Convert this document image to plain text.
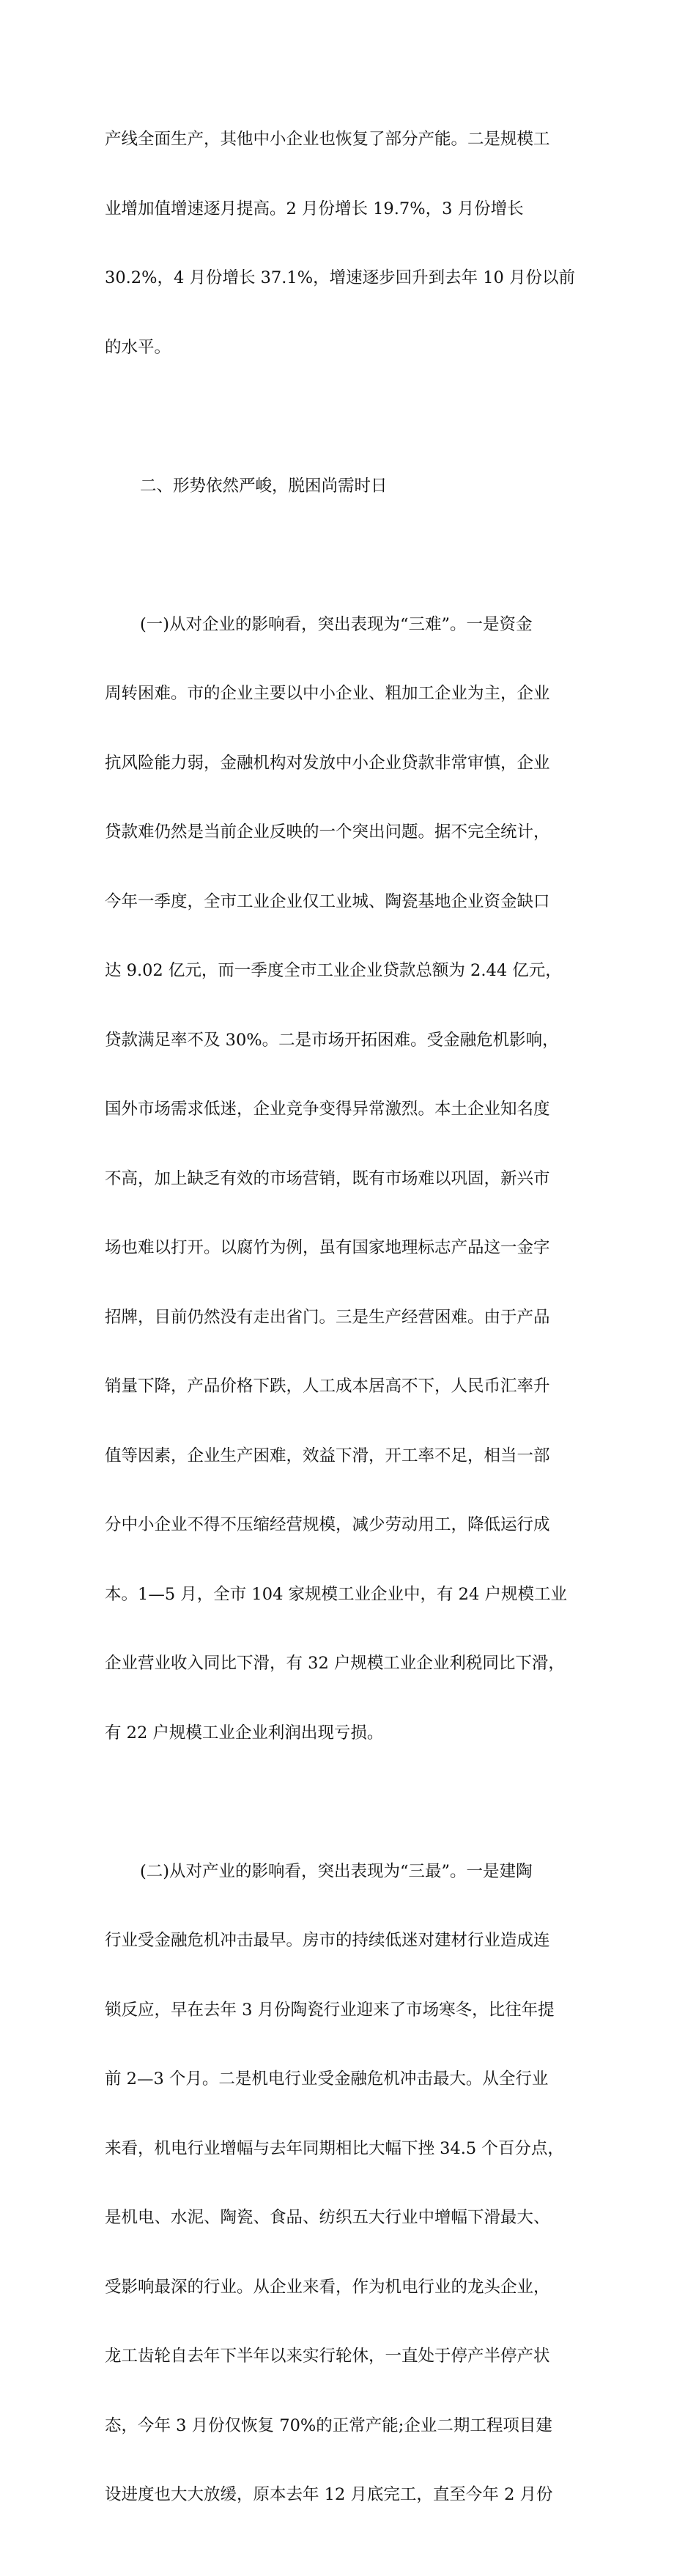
产线全面生产，其他中小企业也恢复了部分产能。二是规模工

业增加值增速逐月提高。2 月份增长 19.7%，3 月份增长

30.2%，4 月份增长 37.1%，增速逐步回升到去年 10 月份以前

的水平。

二、形势依然严峻，脱困尚需时日

(一)从对企业的影响看，突出表现为“三难”。一是资金

周转困难。市的企业主要以中小企业、粗加工企业为主，企业

抗风险能力弱，金融机构对发放中小企业贷款非常审慎，企业

贷款难仍然是当前企业反映的一个突出问题。据不完全统计，

今年一季度，全市工业企业仅工业城、陶瓷基地企业资金缺口

达 9.02 亿元，而一季度全市工业企业贷款总额为 2.44 亿元，

贷款满足率不及 30%。二是市场开拓困难。受金融危机影响，

国外市场需求低迷，企业竞争变得异常激烈。本土企业知名度

不高，加上缺乏有效的市场营销，既有市场难以巩固，新兴市

场也难以打开。以腐竹为例，虽有国家地理标志产品这一金字

招牌，目前仍然没有走出省门。三是生产经营困难。由于产品

销量下降，产品价格下跌，人工成本居高不下，人民币汇率升

值等因素，企业生产困难，效益下滑，开工率不足，相当一部

分中小企业不得不压缩经营规模，减少劳动用工，降低运行成

本。1—5 月，全市 104 家规模工业企业中，有 24 户规模工业

企业营业收入同比下滑，有 32 户规模工业企业利税同比下滑，

有 22 户规模工业企业利润出现亏损。

(二)从对产业的影响看，突出表现为“三最”。一是建陶

行业受金融危机冲击最早。房市的持续低迷对建材行业造成连

锁反应，早在去年 3 月份陶瓷行业迎来了市场寒冬，比往年提

前 2—3 个月。二是机电行业受金融危机冲击最大。从全行业

来看，机电行业增幅与去年同期相比大幅下挫 34.5 个百分点，

是机电、水泥、陶瓷、食品、纺织五大行业中增幅下滑最大、

受影响最深的行业。从企业来看，作为机电行业的龙头企业，

龙工齿轮自去年下半年以来实行轮休，一直处于停产半停产状

态，今年 3 月份仅恢复 70%的正常产能;企业二期工程项目建

设进度也大大放缓，原本去年 12 月底完工，直至今年 2 月份
